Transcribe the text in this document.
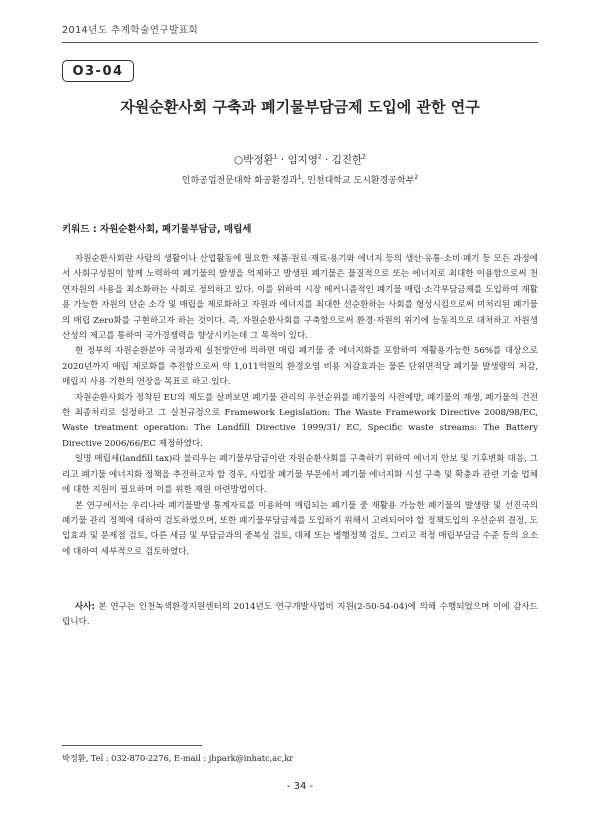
2014년도 추계학술연구발표회
O3-04
자원순환사회 구축과 폐기물부담금제 도입에 관한 연구
○박정환$^1$ · 임지영$^2$ · 김진한$^2$
인하공업전문대학 화공환경과$^1$, 인천대학교 도시환경공학부$^2$
키워드 : 자원순환사회, 폐기물부담금, 매립세

자원순환사회란 사람의 생활이나 산업활동에 필요한 제품·원료·재료·용기와 에너지 등의 생산·유통·소비·폐기 등 모든 과정에서 사회구성원이 함께 노력하여 폐기물의 발생을 억제하고 발생된 폐기물은 물질적으로 또는 에너지로 최대한 이용함으로써 천연자원의 사용을 최소화하는 사회로 정의하고 있다. 이를 위하여 시장 메커니즘적인 폐기물 매립·소각부담금제를 도입하여 재활용 가능한 자원의 단순 소각 및 매립을 제로화하고 자원과 에너지를 최대한 선순환하는 사회를 형성시킴으로써 미처리된 폐기물의 매립 Zero화를 구현하고자 하는 것이다. 즉, 자원순환사회를 구축함으로써 환경·자원의 위기에 능동적으로 대처하고 자원생산성의 제고를 통하여 국가경쟁력을 향상시키는데 그 목적이 있다.

현 정부의 자원순환분야 국정과제 실천방안에 의하면 매립 폐기물 중 에너지화를 포함하여 재활용가능한 56%를 대상으로 2020년까지 매립 제로화를 추진함으로써 약 1,011억원의 환경오염 비용 저감효과는 물론 단위면적당 폐기물 발생량의 저감, 매립지 사용 기한의 연장을 목표로 하고 있다.

자원순환사회가 정착된 EU의 제도를 살펴보면 폐기물 관리의 우선순위를 폐기물의 사전예방, 폐기물의 재생, 폐기물의 건전한 최종처리로 설정하고 그 실천규정으로 Framework Legislation: The Waste Framework Directive 2008/98/EC, Waste treatment operation: The Landfill Directive 1999/31/ EC, Specific waste streams: The Battery Directive 2006/66/EC 제정하였다.

일명 매립세(landfill tax)라 불리우는 폐기물부담금이란 자원순환사회를 구축하기 위하여 에너지 안보 및 기후변화 대응, 그리고 폐기물 에너지화 정책을 추진하고자 할 경우, 사업장 폐기물 부문에서 폐기물 에너지화 시설 구축 및 확충과 관련 기술 업체에 대한 지원이 필요하며 이를 위한 재원 마련방법이다.

본 연구에서는 우리나라 폐기물발생 통계자료를 이용하여 매립되는 폐기물 중 재활용 가능한 폐기물의 발생량 및 선진국의 폐기물 관리 정책에 대하여 검토하였으며, 또한 폐기물부담금제를 도입하기 위해서 고려되어야 할 정책도입의 우선순위 결정, 도입효과 및 문제점 검토, 다른 세금 및 부담금과의 중복성 검토, 대체 또는 병행정책 검토, 그리고 적정 매립부담금 수준 등의 요소에 대하여 세부적으로 검토하였다.

사사: 본 연구는 인천녹색환경지원센터의 2014년도 연구개발사업비 지원(2-50-54-04)에 의해 수행되었으며 이에 감사드립니다.
박정환, Tel : 032-870-2276, E-mail : jhpark@inhatc,ac,kr
- 34 -
